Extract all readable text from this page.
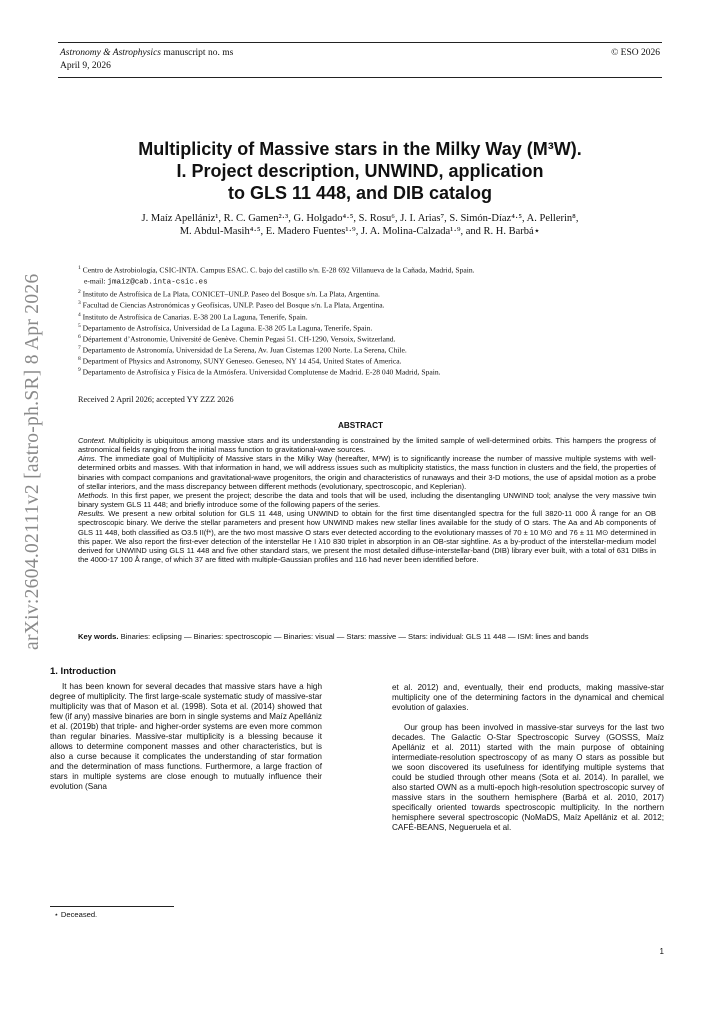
Astronomy & Astrophysics manuscript no. ms
April 9, 2026
© ESO 2026
arXiv:2604.02111v2 [astro-ph.SR] 8 Apr 2026
Multiplicity of Massive stars in the Milky Way (M³W).
I. Project description, UNWIND, application
to GLS 11 448, and DIB catalog
J. Maíz Apellániz¹, R. C. Gamen²·³, G. Holgado⁴·⁵, S. Rosu⁶, J. I. Arias⁷, S. Simón-Díaz⁴·⁵, A. Pellerin⁸,
M. Abdul-Masih⁴·⁵, E. Madero Fuentes¹·⁹, J. A. Molina-Calzada¹·⁹, and R. H. Barbá⋆
$^1$ Centro de Astrobiología, CSIC-INTA. Campus ESAC. C. bajo del castillo s/n. E-28 692 Villanueva de la Cañada, Madrid, Spain.
e-mail: jmaiz@cab.inta-csic.es
$^2$ Instituto de Astrofísica de La Plata, CONICET–UNLP. Paseo del Bosque s/n. La Plata, Argentina.
$^3$ Facultad de Ciencias Astronómicas y Geofísicas, UNLP. Paseo del Bosque s/n. La Plata, Argentina.
$^4$ Instituto de Astrofísica de Canarias. E-38 200 La Laguna, Tenerife, Spain.
$^5$ Departamento de Astrofísica, Universidad de La Laguna. E-38 205 La Laguna, Tenerife, Spain.
$^6$ Département d’Astronomie, Université de Genève. Chemin Pegasi 51. CH-1290, Versoix, Switzerland.
$^7$ Departamento de Astronomía, Universidad de La Serena, Av. Juan Cisternas 1200 Norte. La Serena, Chile.
$^8$ Department of Physics and Astronomy, SUNY Geneseo. Geneseo, NY 14 454, United States of America.
$^9$ Departamento de Astrofísica y Física de la Atmósfera. Universidad Complutense de Madrid. E-28 040 Madrid, Spain.
Received 2 April 2026; accepted YY ZZZ 2026
ABSTRACT

Context. Multiplicity is ubiquitous among massive stars and its understanding is constrained by the limited sample of well-determined orbits. This hampers the progress of astronomical fields ranging from the initial mass function to gravitational-wave sources.

Aims. The immediate goal of Multiplicity of Massive stars in the Milky Way (hereafter, M³W) is to significantly increase the number of massive multiple systems with well-determined orbits and masses. With that information in hand, we will address issues such as multiplicity statistics, the mass function in clusters and the field, the properties of binaries with compact companions and gravitational-wave progenitors, the origin and characteristics of runaways and their 3-D motions, the use of apsidal motion as a probe of stellar interiors, and the mass discrepancy between different methods (evolutionary, spectroscopic, and Keplerian).

Methods. In this first paper, we present the project; describe the data and tools that will be used, including the disentangling UNWIND tool; analyse the very massive twin binary system GLS 11 448; and briefly introduce some of the following papers of the series.

Results. We present a new orbital solution for GLS 11 448, using UNWIND to obtain for the first time disentangled spectra for the full 3820-11 000 Å range for an OB spectroscopic binary. We derive the stellar parameters and present how UNWIND makes new stellar lines available for the study of O stars. The Aa and Ab components of GLS 11 448, both classified as O3.5 II(f*), are the two most massive O stars ever detected according to the evolutionary masses of 70 ± 10 M⊙ and 76 ± 11 M⊙ determined in this paper. We also report the first-ever detection of the interstellar He I λ10 830 triplet in absorption in an OB-star sightline. As a by-product of the interstellar-medium model derived for UNWIND using GLS 11 448 and five other standard stars, we present the most detailed diffuse-interstellar-band (DIB) library ever built, with a total of 631 DIBs in the 4000-17 100 Å range, of which 37 are fitted with multiple-Gaussian profiles and 116 had never been identified before.

Key words. Binaries: eclipsing — Binaries: spectroscopic — Binaries: visual — Stars: massive — Stars: individual: GLS 11 448 — ISM: lines and bands
1. Introduction

It has been known for several decades that massive stars have a high degree of multiplicity. The first large-scale systematic study of massive-star multiplicity was that of Mason et al. (1998). Sota et al. (2014) showed that few (if any) massive binaries are born in single systems and Maíz Apellániz et al. (2019b) that triple- and higher-order systems are even more common than regular binaries. Massive-star multiplicity is a blessing because it allows to determine component masses and other characteristics, but is also a curse because it complicates the understanding of star formation and the determination of mass functions. Furthermore, a large fraction of stars in multiple systems are close enough to mutually influence their evolution (Sana

et al. 2012) and, eventually, their end products, making massive-star multiplicity one of the determining factors in the dynamical and chemical evolution of galaxies.

Our group has been involved in massive-star surveys for the last two decades. The Galactic O-Star Spectroscopic Survey (GOSSS, Maíz Apellániz et al. 2011) started with the main purpose of obtaining intermediate-resolution spectroscopy of as many O stars as possible but we soon discovered its usefulness for identifying multiple systems that could be studied through other means (Sota et al. 2014). In parallel, we also started OWN as a multi-epoch high-resolution spectroscopic survey of massive stars in the southern hemisphere (Barbá et al. 2010, 2017) specifically oriented towards spectroscopic multiplicity. In the northern hemisphere several spectroscopic (NoMaDS, Maíz Apellániz et al. 2012; CAFÉ-BEANS, Negueruela et al.

⋆ Deceased.
1
